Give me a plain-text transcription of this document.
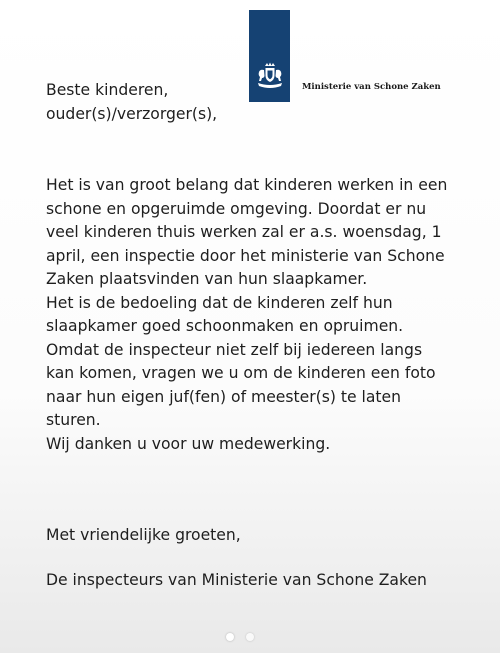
Ministerie van Schone Zaken

Beste kinderen,

ouder(s)/verzorger(s),

Het is van groot belang dat kinderen werken in een

schone en opgeruimde omgeving. Doordat er nu

veel kinderen thuis werken zal er a.s. woensdag, 1

april, een inspectie door het ministerie van Schone

Zaken plaatsvinden van hun slaapkamer.

Het is de bedoeling dat de kinderen zelf hun

slaapkamer goed schoonmaken en opruimen.

Omdat de inspecteur niet zelf bij iedereen langs

kan komen, vragen we u om de kinderen een foto

naar hun eigen juf(fen) of meester(s) te laten

sturen.

Wij danken u voor uw medewerking.

Met vriendelijke groeten,

De inspecteurs van Ministerie van Schone Zaken
